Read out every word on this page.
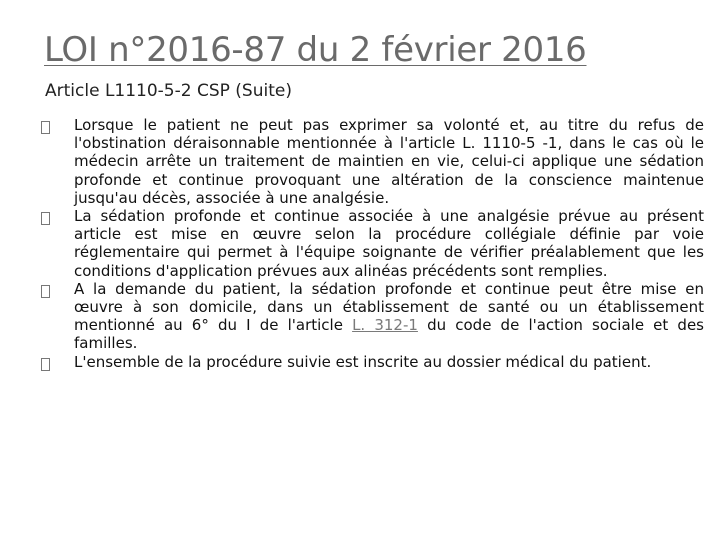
LOI n°2016-87 du 2 février 2016
Article L1110-5-2 CSP (Suite)
Lorsque le patient ne peut pas exprimer sa volonté et, au titre du refus de l'obstination déraisonnable mentionnée à l'article L. 1110-5 -1, dans le cas où le médecin arrête un traitement de maintien en vie, celui-ci applique une sédation profonde et continue provoquant une altération de la conscience maintenue jusqu'au décès, associée à une analgésie.
La sédation profonde et continue associée à une analgésie prévue au présent article est mise en œuvre selon la procédure collégiale définie par voie réglementaire qui permet à l'équipe soignante de vérifier préalablement que les conditions d'application prévues aux alinéas précédents sont remplies.
A la demande du patient, la sédation profonde et continue peut être mise en œuvre à son domicile, dans un établissement de santé ou un établissement mentionné au 6° du I de l'article L. 312-1 du code de l'action sociale et des familles.
L'ensemble de la procédure suivie est inscrite au dossier médical du patient.
